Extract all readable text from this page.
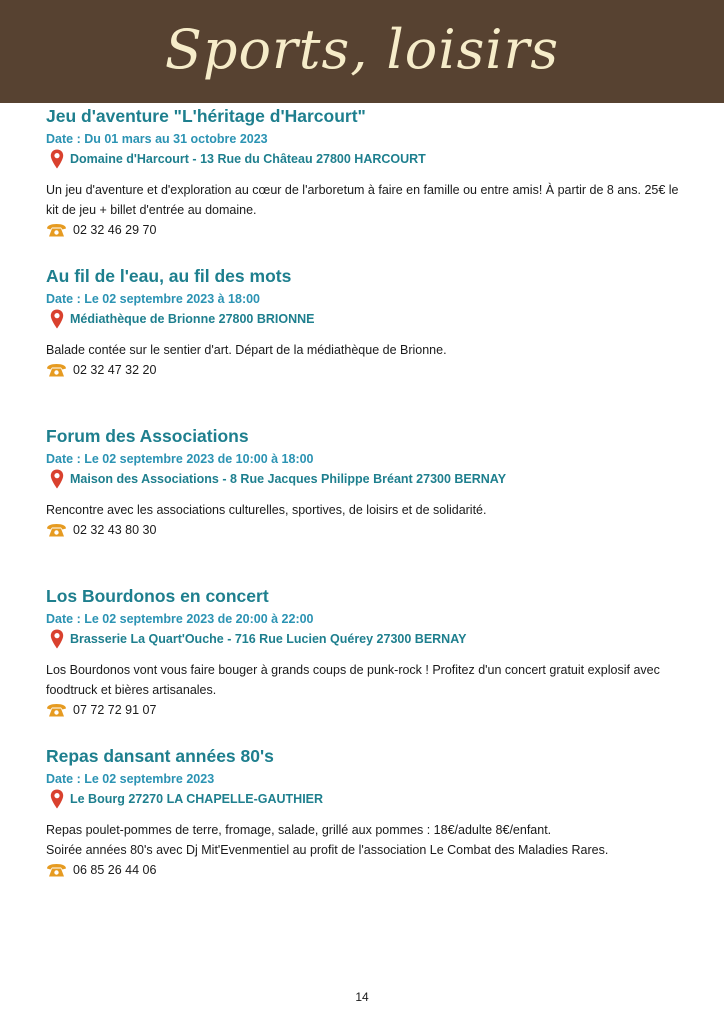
Sports, loisirs
Jeu d'aventure "L'héritage d'Harcourt"
Date : Du 01 mars au 31 octobre 2023
Domaine d'Harcourt - 13 Rue du Château 27800 HARCOURT
Un jeu d'aventure et d'exploration au cœur de l'arboretum à faire en famille ou entre amis! À partir de 8 ans. 25€ le kit de jeu + billet d'entrée au domaine.
02 32 46 29 70
Au fil de l'eau, au fil des mots
Date : Le 02 septembre 2023 à 18:00
Médiathèque de Brionne 27800 BRIONNE
Balade contée sur le sentier d'art. Départ de la médiathèque de Brionne.
02 32 47 32 20
Forum des Associations
Date : Le 02 septembre 2023 de 10:00 à 18:00
Maison des Associations - 8 Rue Jacques Philippe Bréant 27300 BERNAY
Rencontre avec les associations culturelles, sportives, de loisirs et de solidarité.
02 32 43 80 30
Los Bourdonos en concert
Date : Le 02 septembre 2023 de 20:00 à 22:00
Brasserie La Quart'Ouche - 716 Rue Lucien Quérey 27300 BERNAY
Los Bourdonos vont vous faire bouger à grands coups de punk-rock ! Profitez d'un concert gratuit explosif avec foodtruck et bières artisanales.
07 72 72 91 07
Repas dansant années 80's
Date : Le 02 septembre 2023
Le Bourg 27270 LA CHAPELLE-GAUTHIER
Repas poulet-pommes de terre, fromage, salade, grillé aux pommes : 18€/adulte 8€/enfant.
Soirée années 80's avec Dj Mit'Evenmentiel au profit de l'association Le Combat des Maladies Rares.
06 85 26 44 06
14
